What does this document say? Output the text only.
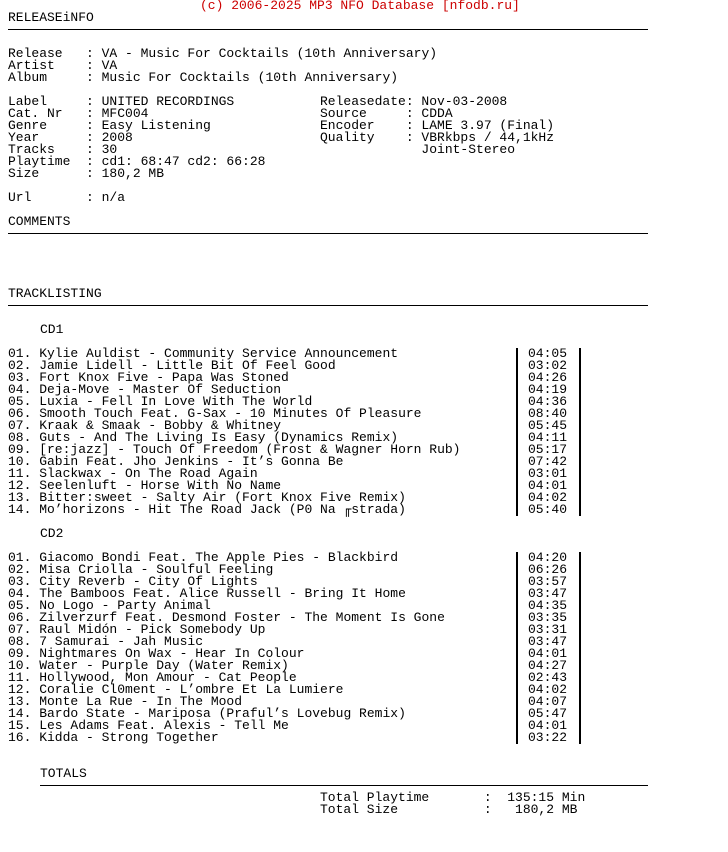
(c) 2006-2025 MP3 NFO Database [nfodb.ru]
RELEASEiNFO
Release   : VA - Music For Cocktails (10th Anniversary)
Artist    : VA
Album     : Music For Cocktails (10th Anniversary)
Label     : UNITED RECORDINGS
Cat. Nr   : MFC004
Genre     : Easy Listening
Year      : 2008
Tracks    : 30
Playtime  : cd1: 68:47 cd2: 66:28
Size      : 180,2 MB
Releasedate: Nov-03-2008
Source     : CDDA
Encoder    : LAME 3.97 (Final)
Quality    : VBRkbps / 44,1kHz
Joint-Stereo
Url       : n/a
COMMENTS
TRACKLISTING
CD1
01. Kylie Auldist - Community Service Announcement	04:05
02. Jamie Lidell - Little Bit Of Feel Good	03:02
03. Fort Knox Five - Papa Was Stoned	04:26
04. Deja-Move - Master Of Seduction	04:19
05. Luxia - Fell In Love With The World	04:36
06. Smooth Touch Feat. G-Sax - 10 Minutes Of Pleasure	08:40
07. Kraak & Smaak - Bobby & Whitney	05:45
08. Guts - And The Living Is Easy (Dynamics Remix)	04:11
09. [re:jazz] - Touch Of Freedom (Frost & Wagner Horn Rub)	05:17
10. Gabin Feat. Jho Jenkins - It’s Gonna Be	07:42
11. Slackwax - On The Road Again	03:01
12. Seelenluft - Horse With No Name	04:01
13. Bitter:sweet - Salty Air (Fort Knox Five Remix)	04:02
14. Mo’horizons - Hit The Road Jack (P0 Na ╓strada)	05:40
CD2
01. Giacomo Bondi Feat. The Apple Pies - Blackbird	04:20
02. Misa Criolla - Soulful Feeling	06:26
03. City Reverb - City Of Lights	03:57
04. The Bamboos Feat. Alice Russell - Bring It Home	03:47
05. No Logo - Party Animal	04:35
06. Zilverzurf Feat. Desmond Foster - The Moment Is Gone	03:35
07. Raul Midón - Pick Somebody Up	03:31
08. 7 Samurai - Jah Music	03:47
09. Nightmares On Wax - Hear In Colour	04:01
10. Water - Purple Day (Water Remix)	04:27
11. Hollywood, Mon Amour - Cat People	02:43
12. Coralie Cl0ment - L’ombre Et La Lumiere	04:02
13. Monte La Rue - In The Mood	04:07
14. Bardo State - Mariposa (Praful’s Lovebug Remix)	05:47
15. Les Adams Feat. Alexis - Tell Me	04:01
16. Kidda - Strong Together	03:22
TOTALS
Total Playtime       :  135:15 Min
Total Size           :   180,2 MB
